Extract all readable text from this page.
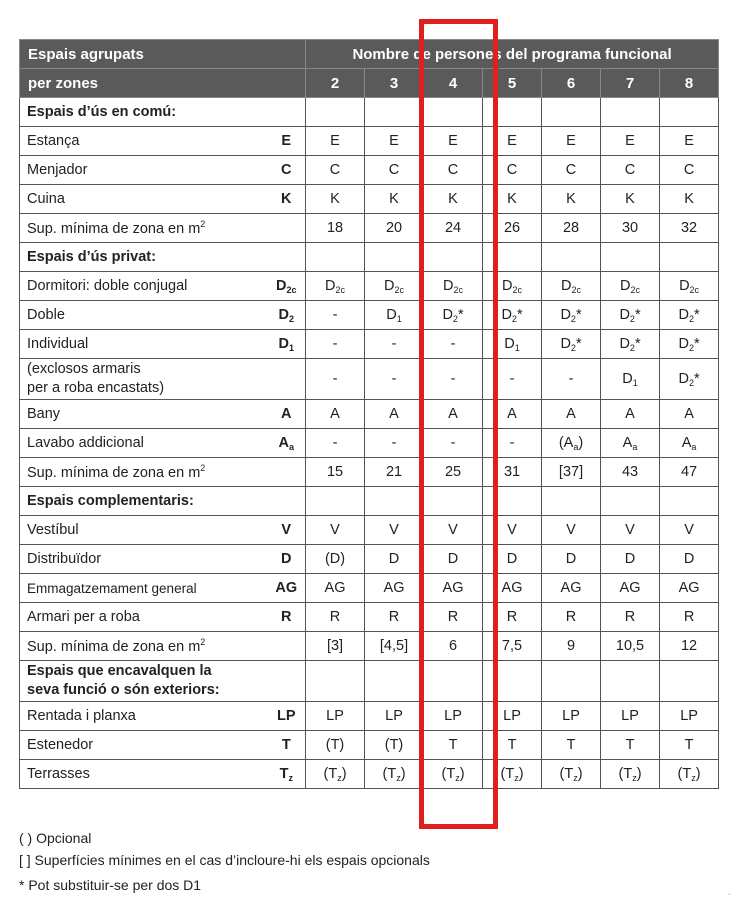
Espais agrupats		Nombre de persones del programa funcional						
per zones		2	3	4	5	6	7	8
Espais d’ús en comú:								
Estança	E	E	E	E	E	E	E	E
Menjador	C	C	C	C	C	C	C	C
Cuina	K	K	K	K	K	K	K	K
Sup. mínima de zona en $m^2$		18	20	24	26	28	30	32
Espais d’ús privat:								
Dormitori: doble conjugal	$D_{2c}$	$D_{2c}$	$D_{2c}$	$D_{2c}$	$D_{2c}$	$D_{2c}$	$D_{2c}$	$D_{2c}$
Doble	$D_2$	-	$D_1$	$D_2*$	$D_2*$	$D_2*$	$D_2*$	$D_2*$
Individual	$D_1$	-	-	-	$D_1$	$D_2*$	$D_2*$	$D_2*$
(exclosos armaris
per a roba encastats)		-	-	-	-	-	$D_1$	$D_2*$
Bany	A	A	A	A	A	A	A	A
Lavabo addicional	$A_a$	-	-	-	-	$(A_a)$	$A_a$	$A_a$
Sup. mínima de zona en $m^2$		15	21	25	31	[37]	43	47
Espais complementaris:								
Vestíbul	V	V	V	V	V	V	V	V
Distribuïdor	D	(D)	D	D	D	D	D	D
Emmagatzemament general	AG	AG	AG	AG	AG	AG	AG	AG
Armari per a roba	R	R	R	R	R	R	R	R
Sup. mínima de zona en $m^2$		[3]	[4,5]	6	7,5	9	10,5	12
Espais que encavalquen la
seva funció o són exteriors:								
Rentada i planxa	LP	LP	LP	LP	LP	LP	LP	LP
Estenedor	T	(T)	(T)	T	T	T	T	T
Terrasses	$T_z$	$(T_z)$	$(T_z)$	$(T_z)$	$(T_z)$	$(T_z)$	$(T_z)$	$(T_z)$
( ) Opcional
[ ] Superfícies mínimes en el cas d’incloure-hi els espais opcionals
* Pot substituir-se per dos D1
´
